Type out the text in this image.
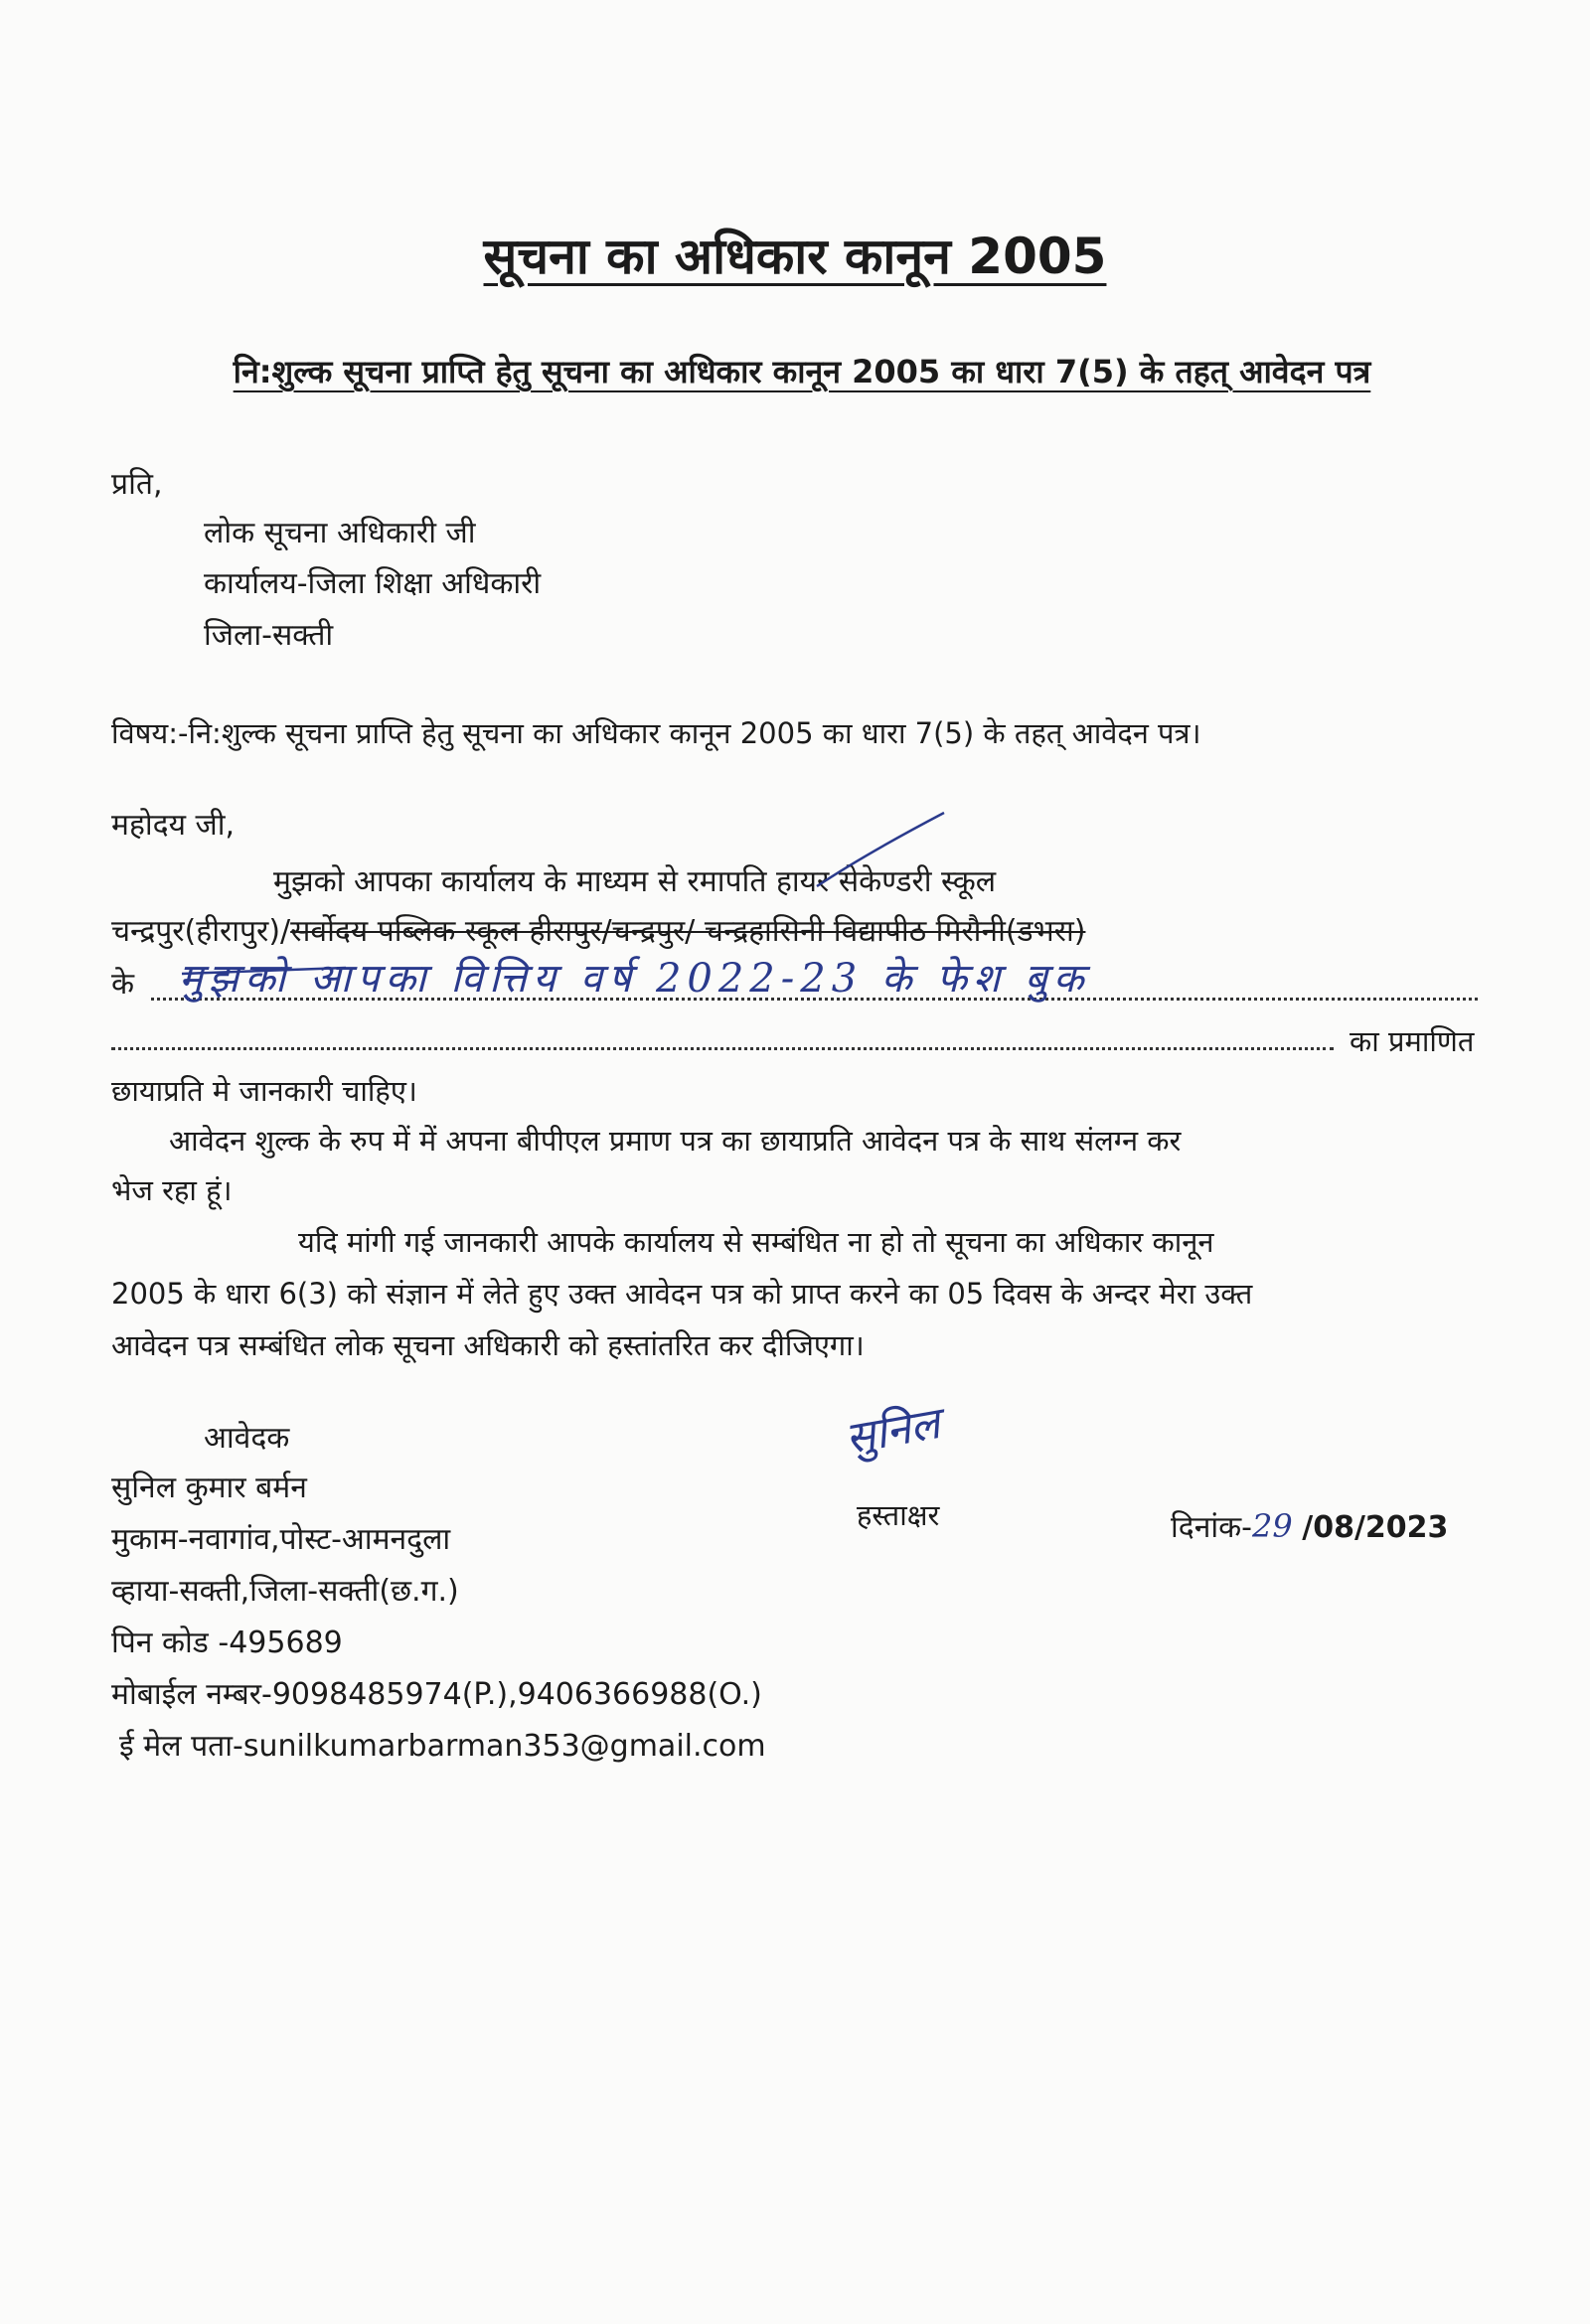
सूचना का अधिकार कानून 2005
नि:शुल्क सूचना प्राप्ति हेतु सूचना का अधिकार कानून 2005 का धारा 7(5) के तहत् आवेदन पत्र
प्रति,
लोक सूचना अधिकारी जी
कार्यालय-जिला शिक्षा अधिकारी
जिला-सक्ती
विषय:-नि:शुल्क सूचना प्राप्ति हेतु सूचना का अधिकार कानून 2005 का धारा 7(5) के तहत् आवेदन पत्र।
महोदय जी,
मुझको आपका कार्यालय के माध्यम से रमापति हायर सेकेण्डरी स्कूल
चन्द्रपुर(हीरापुर)/सर्वोदय पब्लिक स्कूल हीरापुर/चन्द्रपुर/ चन्द्रहासिनी विद्यापीठ मिरौनी(डभरा)
के मुझको आपका वित्तिय वर्ष 2022-23 के फेश बुक
का प्रमाणित
छायाप्रति मे जानकारी चाहिए।
आवेदन शुल्क के रुप में में अपना बीपीएल प्रमाण पत्र का छायाप्रति आवेदन पत्र के साथ संलग्न कर
भेज रहा हूं।
यदि मांगी गई जानकारी आपके कार्यालय से सम्बंधित ना हो तो सूचना का अधिकार कानून
2005 के धारा 6(3) को संज्ञान में लेते हुए उक्त आवेदन पत्र को प्राप्त करने का 05 दिवस के अन्दर मेरा उक्त
आवेदन पत्र सम्बंधित लोक सूचना अधिकारी को हस्तांतरित कर दीजिएगा।
आवेदक
सुनिल कुमार बर्मन
मुकाम-नवागांव,पोस्ट-आमनदुला
व्हाया-सक्ती,जिला-सक्ती(छ.ग.)
पिन कोड -495689
मोबाईल नम्बर-9098485974(P.),9406366988(O.)
ई मेल पता-sunilkumarbarman353@gmail.com
सुनिल
हस्ताक्षर	दिनांक-29 /08/2023
